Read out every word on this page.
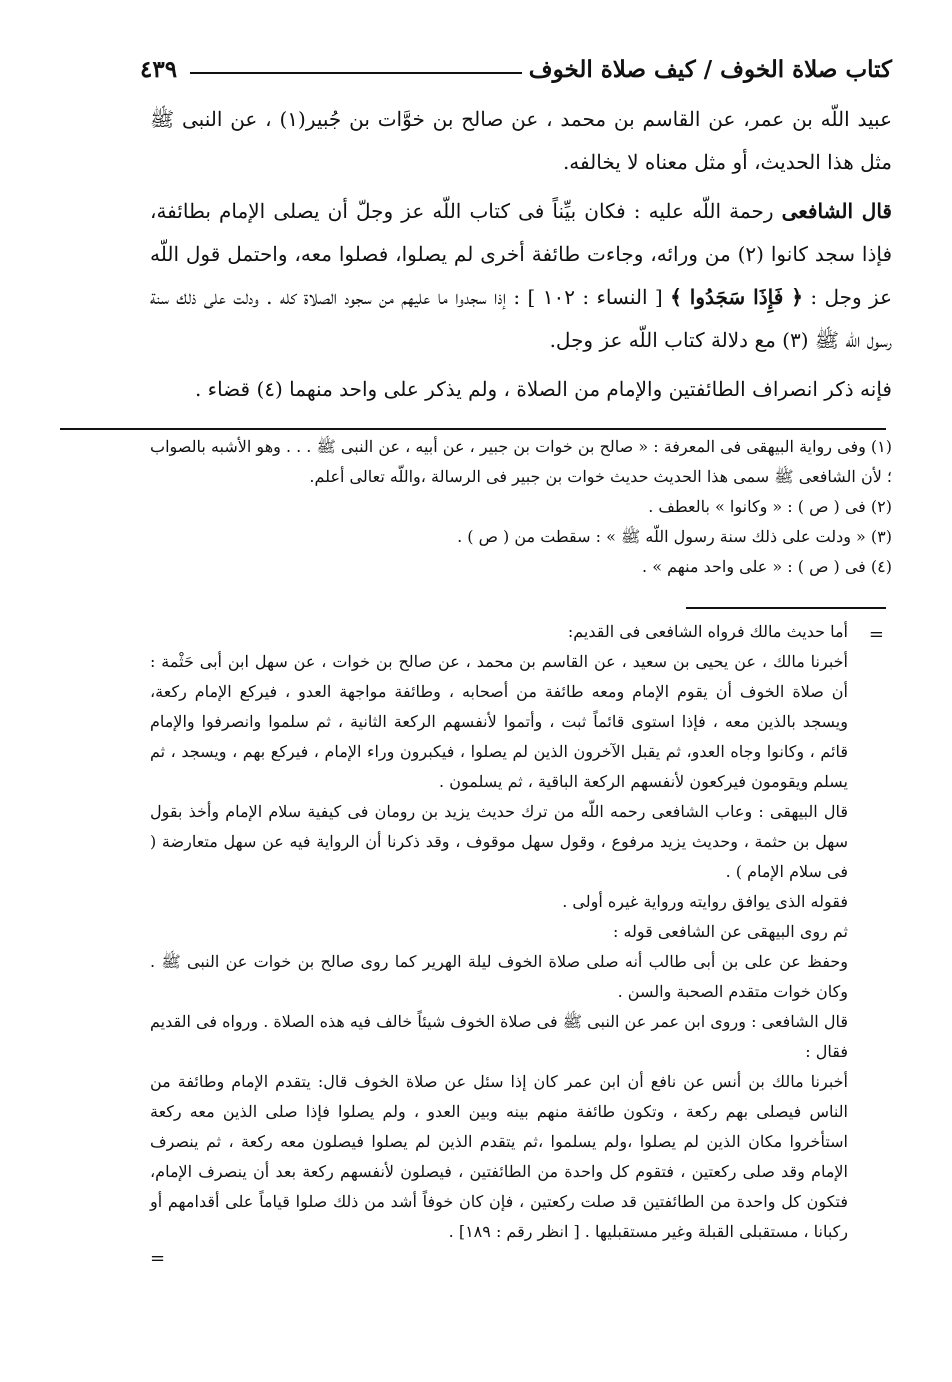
كتاب صلاة الخوف / كيف صلاة الخوف
٤٣٩

عبيد اللّه بن عمر، عن القاسم بن محمد ، عن صالح بن خوَّات بن جُبير(١) ، عن النبى ﷺ مثل هذا الحديث، أو مثل معناه لا يخالفه.

قال الشافعى رحمة اللّه عليه : فكان بيِّناً فى كتاب اللّه عز وجلّ أن يصلى الإمام بطائفة، فإذا سجد كانوا (٢) من ورائه، وجاءت طائفة أخرى لم يصلوا، فصلوا معه، واحتمل قول اللّه عز وجل : ﴿ فَإِذَا سَجَدُوا ﴾ [ النساء : ١٠٢ ] : إذا سجدوا ما عليهم من سجود الصلاة كله . ودلت على ذلك سنة رسول اللّه ﷺ (٣) مع دلالة كتاب اللّه عز وجل.

فإنه ذكر انصراف الطائفتين والإمام من الصلاة ، ولم يذكر على واحد منهما (٤) قضاء .

(١) وفى رواية البيهقى فى المعرفة : « صالح بن خوات بن جبير ، عن أبيه ، عن النبى ﷺ . . . وهو الأشبه بالصواب ؛ لأن الشافعى ﷺ سمى هذا الحديث حديث خوات بن جبير فى الرسالة ،واللّه تعالى أعلم.

(٢) فى ( ص ) : « وكانوا » بالعطف .

(٣) « ودلت على ذلك سنة رسول اللّه ﷺ » : سقطت من ( ص ) .

(٤) فى ( ص ) : « على واحد منهم » .

=

أما حديث مالك فرواه الشافعى فى القديم:

أخبرنا مالك ، عن يحيى بن سعيد ، عن القاسم بن محمد ، عن صالح بن خوات ، عن سهل ابن أبى حَثْمة : أن صلاة الخوف أن يقوم الإمام ومعه طائفة من أصحابه ، وطائفة مواجهة العدو ، فيركع الإمام ركعة، ويسجد بالذين معه ، فإذا استوى قائماً ثبت ، وأتموا لأنفسهم الركعة الثانية ، ثم سلموا وانصرفوا والإمام قائم ، وكانوا وجاه العدو، ثم يقبل الآخرون الذين لم يصلوا ، فيكبرون وراء الإمام ، فيركع بهم ، ويسجد ، ثم يسلم ويقومون فيركعون لأنفسهم الركعة الباقية ، ثم يسلمون .

قال البيهقى : وعاب الشافعى رحمه اللّه من ترك حديث يزيد بن رومان فى كيفية سلام الإمام وأخذ بقول سهل بن حثمة ، وحديث يزيد مرفوع ، وقول سهل موقوف ، وقد ذكرنا أن الرواية فيه عن سهل متعارضة ( فى سلام الإمام ) .

فقوله الذى يوافق روايته ورواية غيره أولى .

ثم روى البيهقى عن الشافعى قوله :

وحفظ عن على بن أبى طالب أنه صلى صلاة الخوف ليلة الهرير كما روى صالح بن خوات عن النبى ﷺ . وكان خوات متقدم الصحبة والسن .

قال الشافعى : وروى ابن عمر عن النبى ﷺ فى صلاة الخوف شيئاً خالف فيه هذه الصلاة . ورواه فى القديم فقال :

أخبرنا مالك بن أنس عن نافع أن ابن عمر كان إذا سئل عن صلاة الخوف قال: يتقدم الإمام وطائفة من الناس فيصلى بهم ركعة ، وتكون طائفة منهم بينه وبين العدو ، ولم يصلوا فإذا صلى الذين معه ركعة استأخروا مكان الذين لم يصلوا ،ولم يسلموا ،ثم يتقدم الذين لم يصلوا فيصلون معه ركعة ، ثم ينصرف الإمام وقد صلى ركعتين ، فتقوم كل واحدة من الطائفتين ، فيصلون لأنفسهم ركعة بعد أن ينصرف الإمام، فتكون كل واحدة من الطائفتين قد صلت ركعتين ، فإن كان خوفاً أشد من ذلك صلوا قياماً على أقدامهم أو ركبانا ، مستقبلى القبلة وغير مستقبليها . [ انظر رقم : ١٨٩] .

=
